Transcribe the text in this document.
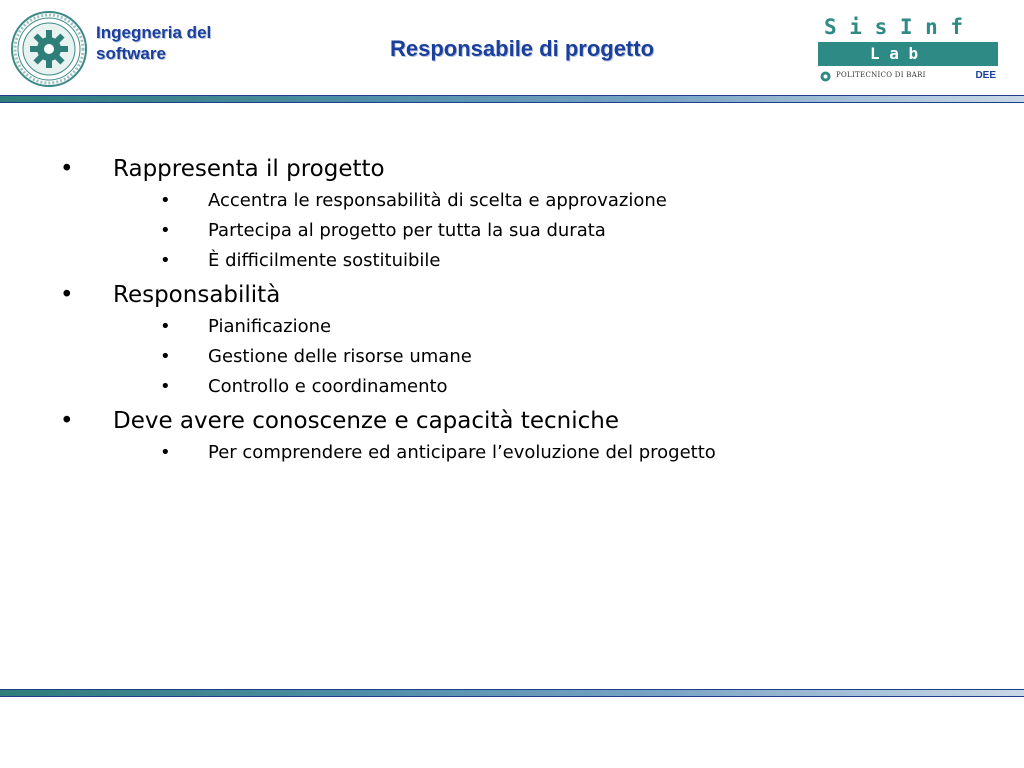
Ingegneria del
software	Responsabile di progetto
S i s I n f
L a b
POLITECNICO DI BARI	DEE
• Rappresenta il progetto
• Accentra le responsabilità di scelta e approvazione
• Partecipa al progetto per tutta la sua durata
• È difficilmente sostituibile
• Responsabilità
• Pianificazione
• Gestione delle risorse umane
• Controllo e coordinamento
• Deve avere conoscenze e capacità tecniche
• Per comprendere ed anticipare l’evoluzione del progetto
